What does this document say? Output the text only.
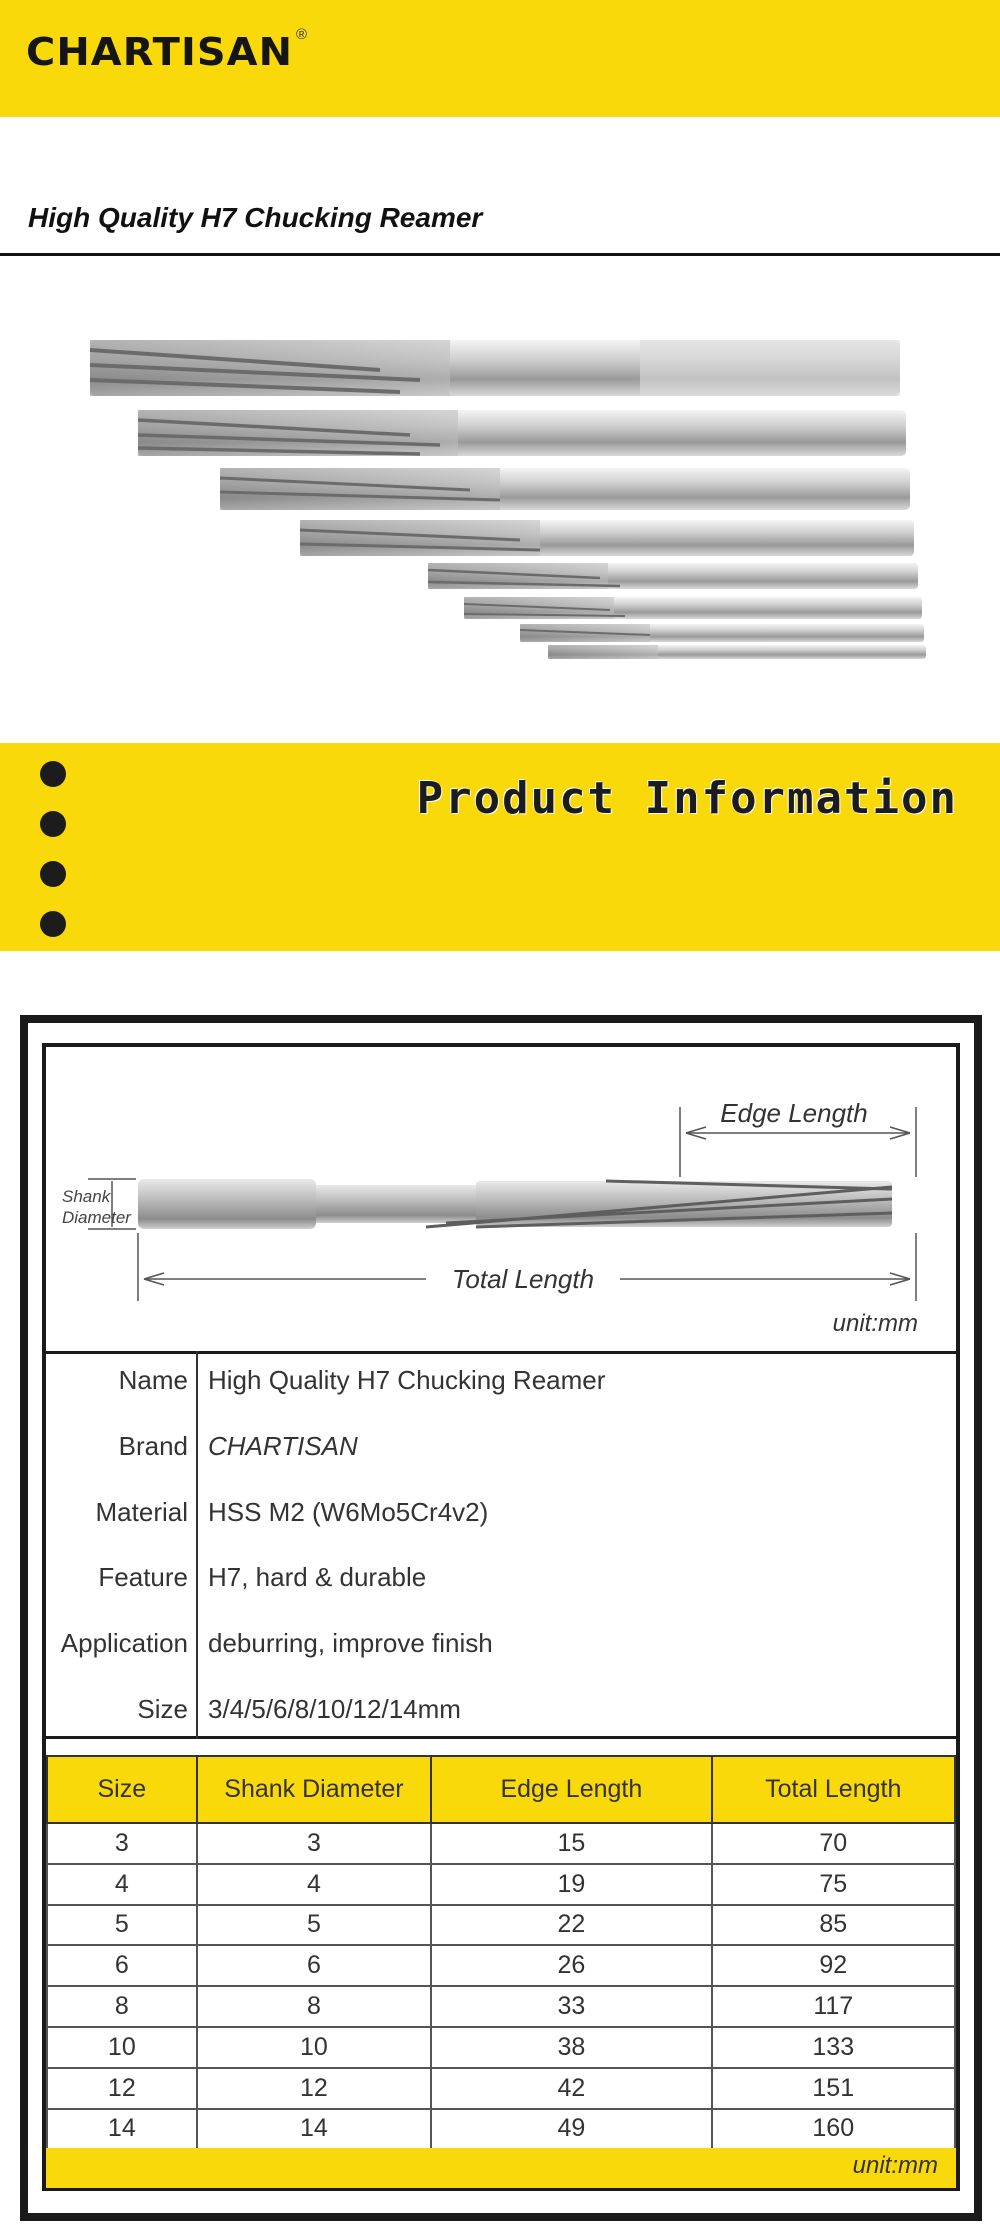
CHARTISAN ®
High Quality H7 Chucking Reamer
Product Information
Edge Length
Shank
Diameter
Total Length
unit:mm
Name High Quality H7 Chucking Reamer
Brand CHARTISAN
Material HSS M2 (W6Mo5Cr4v2)
Feature H7, hard & durable
Application deburring, improve finish
Size 3/4/5/6/8/10/12/14mm
Size	Shank Diameter	Edge Length	Total Length
3	3	15	70
4	4	19	75
5	5	22	85
6	6	26	92
8	8	33	117
10	10	38	133
12	12	42	151
14	14	49	160
unit:mm
